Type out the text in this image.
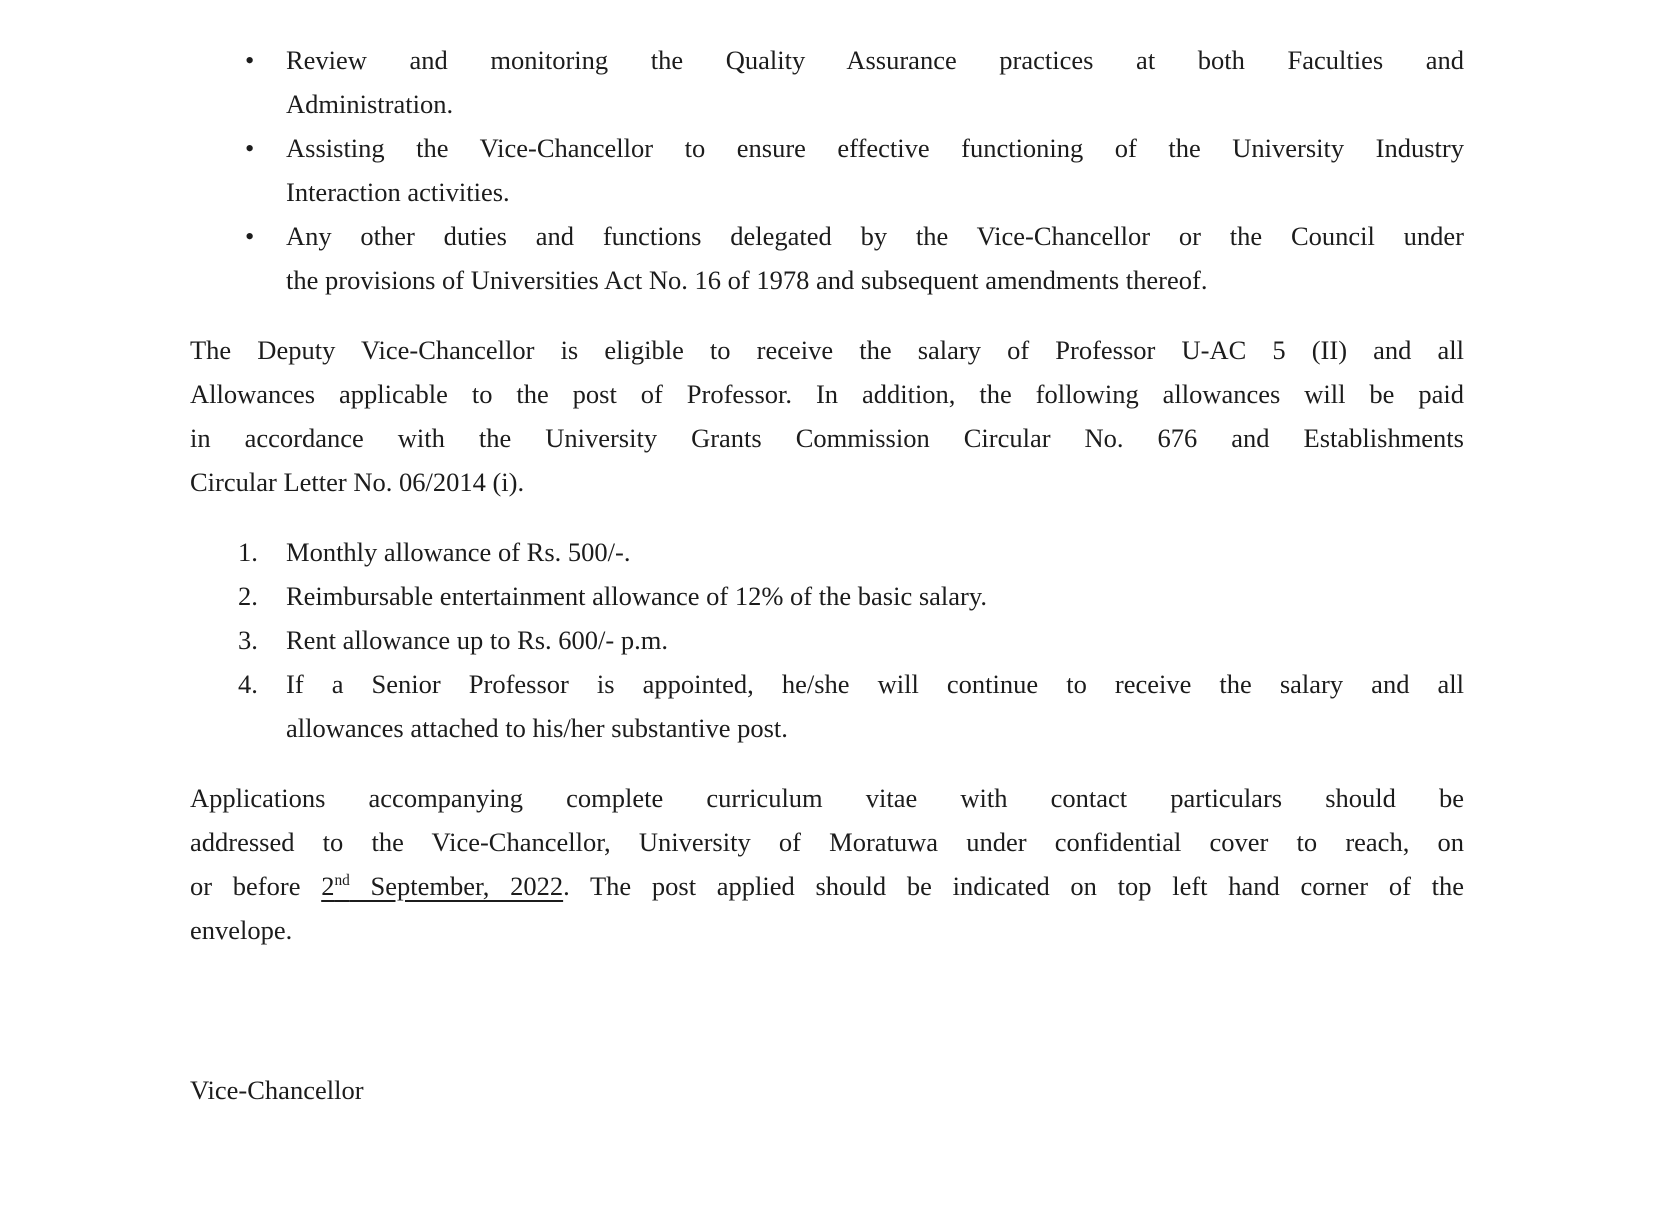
• Review and monitoring the Quality Assurance practices at both Faculties and
Administration.
• Assisting the Vice-Chancellor to ensure effective functioning of the University Industry
Interaction activities.
• Any other duties and functions delegated by the Vice-Chancellor or the Council under
the provisions of Universities Act No. 16 of 1978 and subsequent amendments thereof.
The Deputy Vice-Chancellor is eligible to receive the salary of Professor U-AC 5 (II) and all
Allowances applicable to the post of Professor. In addition, the following allowances will be paid
in accordance with the University Grants Commission Circular No. 676 and Establishments
Circular Letter No. 06/2014 (i).
1. Monthly allowance of Rs. 500/-.
2. Reimbursable entertainment allowance of 12% of the basic salary.
3. Rent allowance up to Rs. 600/- p.m.
4. If a Senior Professor is appointed, he/she will continue to receive the salary and all
allowances attached to his/her substantive post.
Applications accompanying complete curriculum vitae with contact particulars should be
addressed to the Vice-Chancellor, University of Moratuwa under confidential cover to reach, on
or before 2nd September, 2022. The post applied should be indicated on top left hand corner of the
envelope.
Vice-Chancellor
